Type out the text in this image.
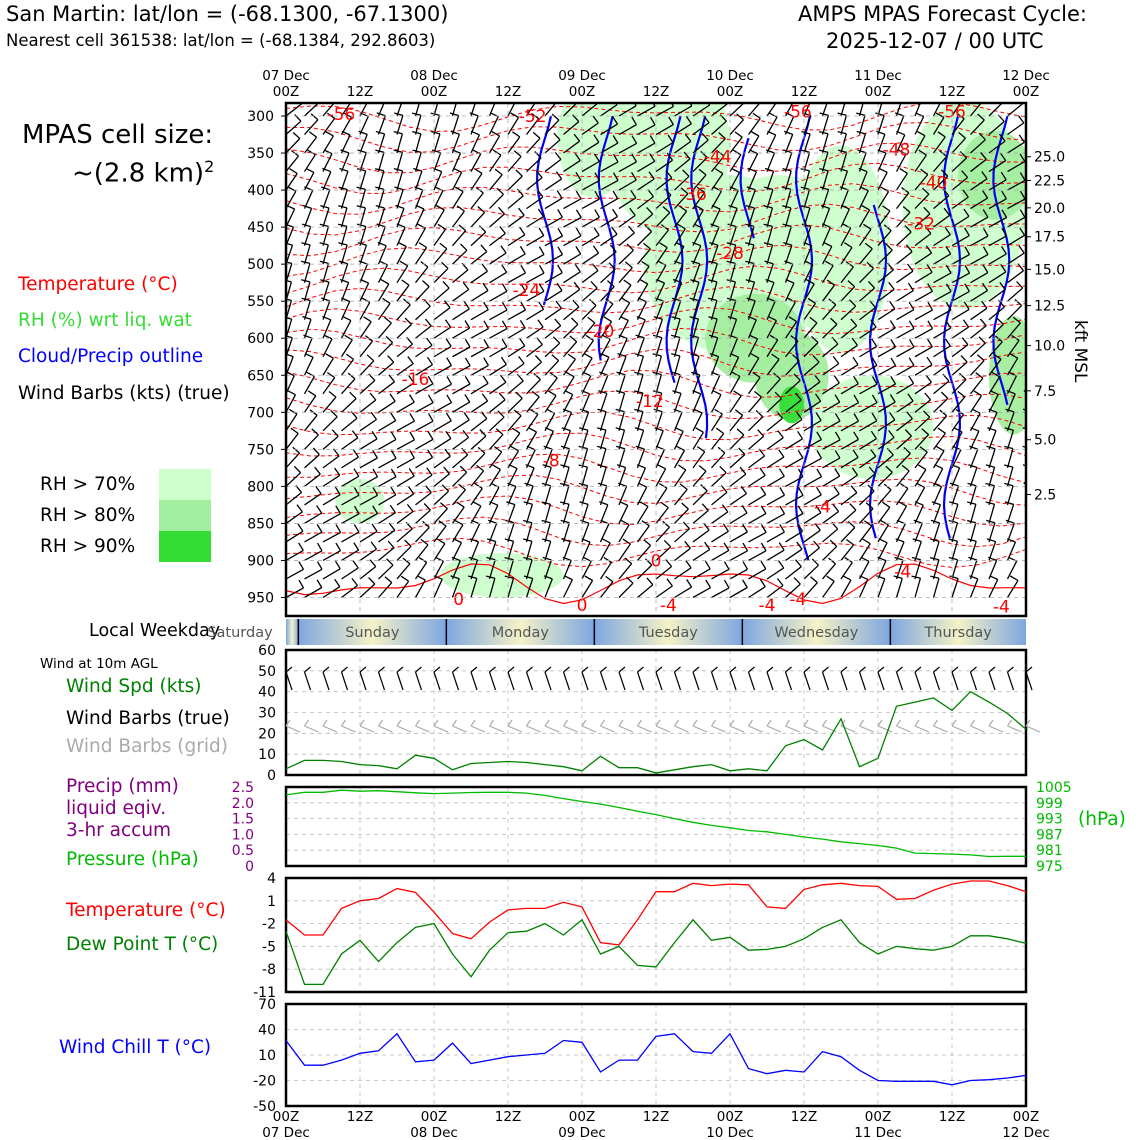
San Martin: lat/lon = (-68.1300, -67.1300)
Nearest cell 361538: lat/lon = (-68.1384, 292.8603)
AMPS MPAS Forecast Cycle:
2025-12-07 / 00 UTC
MPAS cell size:
~(2.8 km)$^2$
Temperature (°C)
RH (%) wrt liq. wat
Cloud/Precip outline
Wind Barbs (kts) (true)
RH > 70%
RH > 80%
RH > 90%
Local Weekday
Wind at 10m AGL
Wind Spd (kts)
Wind Barbs (true)
Wind Barbs (grid)
Precip (mm)
liquid eqiv.
3-hr accum
Pressure (hPa)
(hPa)
Temperature (°C)
Dew Point T (°C)
Wind Chill T (°C)
kft MSL
-56	-52	-56	-56
-44	-48
-36
-40
-32
-28
-24
-20
-16
-12
-8
-4
0
0	0	-4	-4 -4
-4
-4
Saturday	Sunday	Monday	Tuesday	Wednesday	Thursday
0
10
20
30
40
50
60
0
0.5
1.0
1.5
2.0
2.5
975
981
987
993
999
1005
-11
-8
-5
-2
1
4
-50
-20
10
40
70
300
350
400
450
500
550
600
650
700
750
800
850
900
950
25.0
22.5
20.0
17.5
15.0
12.5
10.0
7.5
5.0
2.5
07 Dec
00Z	12Z
08 Dec
00Z	12Z
09 Dec
00Z	12Z
10 Dec
00Z	12Z
11 Dec
00Z	12Z
12 Dec
00Z
00Z
07 Dec
12Z	00Z
08 Dec
12Z	00Z
09 Dec
12Z	00Z
10 Dec
12Z	00Z
11 Dec
12Z	00Z
12 Dec
